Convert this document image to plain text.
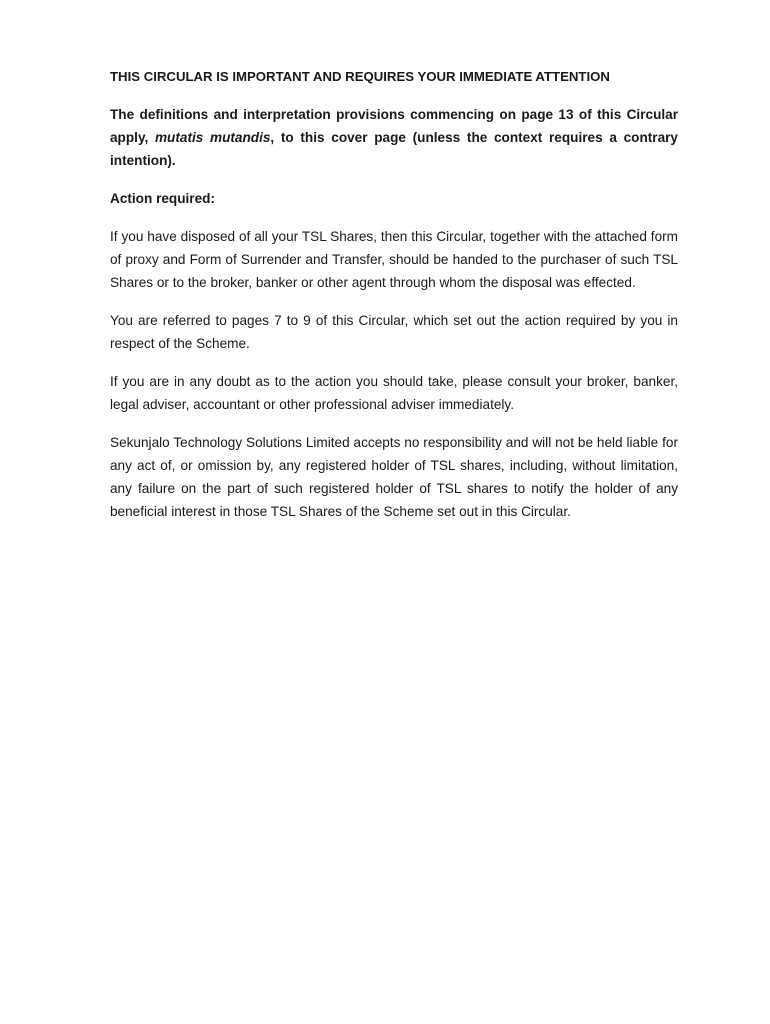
THIS CIRCULAR IS IMPORTANT AND REQUIRES YOUR IMMEDIATE ATTENTION

The definitions and interpretation provisions commencing on page 13 of this Circular apply, mutatis mutandis, to this cover page (unless the context requires a contrary intention).

Action required:

If you have disposed of all your TSL Shares, then this Circular, together with the attached form of proxy and Form of Surrender and Transfer, should be handed to the purchaser of such TSL Shares or to the broker, banker or other agent through whom the disposal was effected.

You are referred to pages 7 to 9 of this Circular, which set out the action required by you in respect of the Scheme.

If you are in any doubt as to the action you should take, please consult your broker, banker, legal adviser, accountant or other professional adviser immediately.

Sekunjalo Technology Solutions Limited accepts no responsibility and will not be held liable for any act of, or omission by, any registered holder of TSL shares, including, without limitation, any failure on the part of such registered holder of TSL shares to notify the holder of any beneficial interest in those TSL Shares of the Scheme set out in this Circular.
